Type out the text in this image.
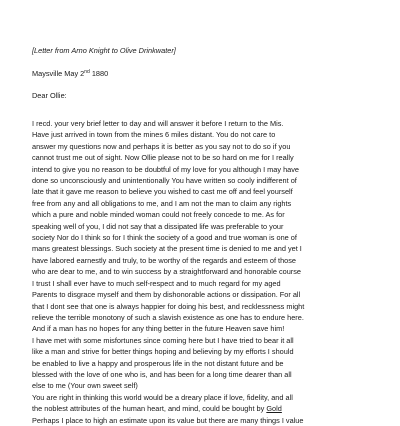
[Letter from Arno Knight to Olive Drinkwater]
Maysville May 2nd 1880
Dear Ollie:
I recd. your very brief letter to day and will answer it before I return to the Mis.
Have just arrived in town from the mines 6 miles distant. You do not care to
answer my questions now and perhaps it is better as you say not to do so if you
cannot trust me out of sight. Now Ollie please not to be so hard on me for I really
intend to give you no reason to be doubtful of my love for you although I may have
done so unconsciously and unintentionally You have written so cooly indifferent of
late that it gave me reason to believe you wished to cast me off and feel yourself
free from any and all obligations to me, and I am not the man to claim any rights
which a pure and noble minded woman could not freely concede to me. As for
speaking well of you, I did not say that a dissipated life was preferable to your
society Nor do I think so for I think the society of a good and true woman is one of
mans greatest blessings. Such society at the present time is denied to me and yet I
have labored earnestly and truly, to be worthy of the regards and esteem of those
who are dear to me, and to win success by a straightforward and honorable course
I trust I shall ever have to much self-respect and to much regard for my aged
Parents to disgrace myself and them by dishonorable actions or dissipation. For all
that I dont see that one is always happier for doing his best, and recklessness might
relieve the terrible monotony of such a slavish existence as one has to endure here.
And if a man has no hopes for any thing better in the future Heaven save him!
I have met with some misfortunes since coming here but I have tried to bear it all
like a man and strive for better things hoping and believing by my efforts I should
be enabled to live a happy and prosperous life in the not distant future and be
blessed with the love of one who is, and has been for a long time dearer than all
else to me (Your own sweet self)
You are right in thinking this world would be a dreary place if love, fidelity, and all
the noblest attributes of the human heart, and mind, could be bought by Gold
Perhaps I place to high an estimate upon its value but there are many things I value
